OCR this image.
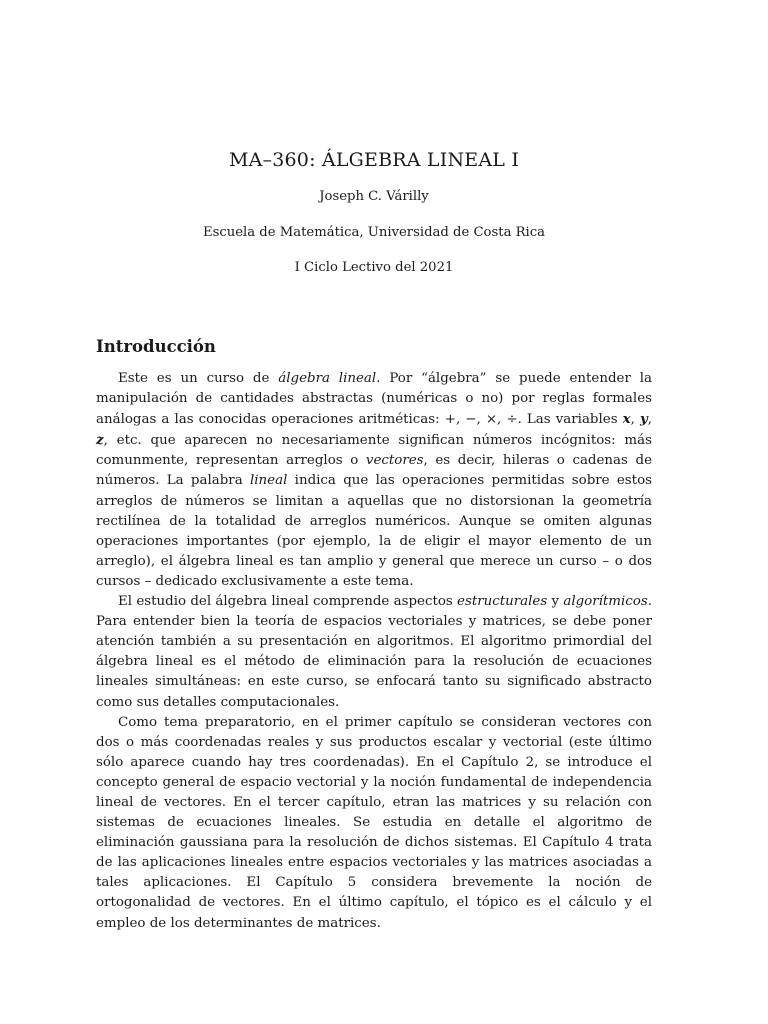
MA–360: ÁLGEBRA LINEAL I
Joseph C. Várilly
Escuela de Matemática, Universidad de Costa Rica
I Ciclo Lectivo del 2021
Introducción

Este es un curso de álgebra lineal. Por “álgebra” se puede entender la manipulación de cantidades abstractas (numéricas o no) por reglas formales análogas a las conocidas operaciones aritméticas: +, −, ×, ÷. Las variables x, y, z, etc. que aparecen no necesariamente significan números incógnitos: más comunmente, representan arreglos o vectores, es decir, hileras o cadenas de números. La palabra lineal indica que las operaciones permitidas sobre estos arreglos de números se limitan a aquellas que no distorsionan la geometría rectilínea de la totalidad de arreglos numéricos. Aunque se omiten algunas operaciones importantes (por ejemplo, la de eligir el mayor elemento de un arreglo), el álgebra lineal es tan amplio y general que merece un curso – o dos cursos – dedicado exclusivamente a este tema.

El estudio del álgebra lineal comprende aspectos estructurales y algorítmicos. Para entender bien la teoría de espacios vectoriales y matrices, se debe poner atención también a su presentación en algoritmos. El algoritmo primordial del álgebra lineal es el método de eliminación para la resolución de ecuaciones lineales simultáneas: en este curso, se enfocará tanto su significado abstracto como sus detalles computacionales.

Como tema preparatorio, en el primer capítulo se consideran vectores con dos o más coordenadas reales y sus productos escalar y vectorial (este último sólo aparece cuando hay tres coordenadas). En el Capítulo 2, se introduce el concepto general de espacio vectorial y la noción fundamental de independencia lineal de vectores. En el tercer capítulo, etran las matrices y su relación con sistemas de ecuaciones lineales. Se estudia en detalle el algoritmo de eliminación gaussiana para la resolución de dichos sistemas. El Capítulo 4 trata de las aplicaciones lineales entre espacios vectoriales y las matrices asociadas a tales aplicaciones. El Capítulo 5 considera brevemente la noción de ortogonalidad de vectores. En el último capítulo, el tópico es el cálculo y el empleo de los determinantes de matrices.
